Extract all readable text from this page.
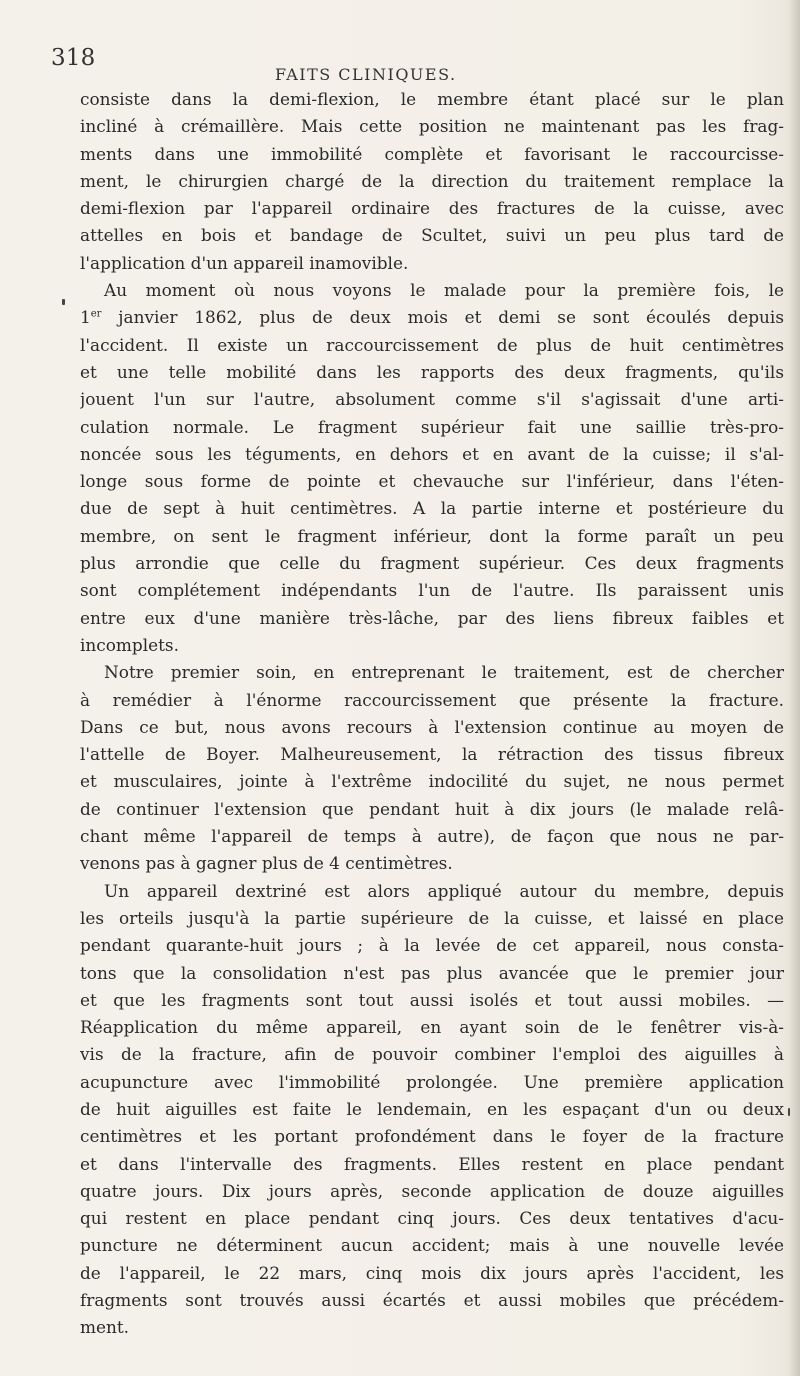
318
FAITS CLINIQUES.
consiste dans la demi-flexion, le membre étant placé sur le plan
incliné à crémaillère. Mais cette position ne maintenant pas les frag-
ments dans une immobilité complète et favorisant le raccourcisse-
ment, le chirurgien chargé de la direction du traitement remplace la
demi-flexion par l'appareil ordinaire des fractures de la cuisse, avec
attelles en bois et bandage de Scultet, suivi un peu plus tard de
l'application d'un appareil inamovible.
Au moment où nous voyons le malade pour la première fois, le
1er janvier 1862, plus de deux mois et demi se sont écoulés depuis
l'accident. Il existe un raccourcissement de plus de huit centimètres
et une telle mobilité dans les rapports des deux fragments, qu'ils
jouent l'un sur l'autre, absolument comme s'il s'agissait d'une arti-
culation normale. Le fragment supérieur fait une saillie très-pro-
noncée sous les téguments, en dehors et en avant de la cuisse; il s'al-
longe sous forme de pointe et chevauche sur l'inférieur, dans l'éten-
due de sept à huit centimètres. A la partie interne et postérieure du
membre, on sent le fragment inférieur, dont la forme paraît un peu
plus arrondie que celle du fragment supérieur. Ces deux fragments
sont complétement indépendants l'un de l'autre. Ils paraissent unis
entre eux d'une manière très-lâche, par des liens fibreux faibles et
incomplets.
Notre premier soin, en entreprenant le traitement, est de chercher
à remédier à l'énorme raccourcissement que présente la fracture.
Dans ce but, nous avons recours à l'extension continue au moyen de
l'attelle de Boyer. Malheureusement, la rétraction des tissus fibreux
et musculaires, jointe à l'extrême indocilité du sujet, ne nous permet
de continuer l'extension que pendant huit à dix jours (le malade relâ-
chant même l'appareil de temps à autre), de façon que nous ne par-
venons pas à gagner plus de 4 centimètres.
Un appareil dextriné est alors appliqué autour du membre, depuis
les orteils jusqu'à la partie supérieure de la cuisse, et laissé en place
pendant quarante-huit jours ; à la levée de cet appareil, nous consta-
tons que la consolidation n'est pas plus avancée que le premier jour
et que les fragments sont tout aussi isolés et tout aussi mobiles. —
Réapplication du même appareil, en ayant soin de le fenêtrer vis-à-
vis de la fracture, afin de pouvoir combiner l'emploi des aiguilles à
acupuncture avec l'immobilité prolongée. Une première application
de huit aiguilles est faite le lendemain, en les espaçant d'un ou deux
centimètres et les portant profondément dans le foyer de la fracture
et dans l'intervalle des fragments. Elles restent en place pendant
quatre jours. Dix jours après, seconde application de douze aiguilles
qui restent en place pendant cinq jours. Ces deux tentatives d'acu-
puncture ne déterminent aucun accident; mais à une nouvelle levée
de l'appareil, le 22 mars, cinq mois dix jours après l'accident, les
fragments sont trouvés aussi écartés et aussi mobiles que précédem-
ment.
